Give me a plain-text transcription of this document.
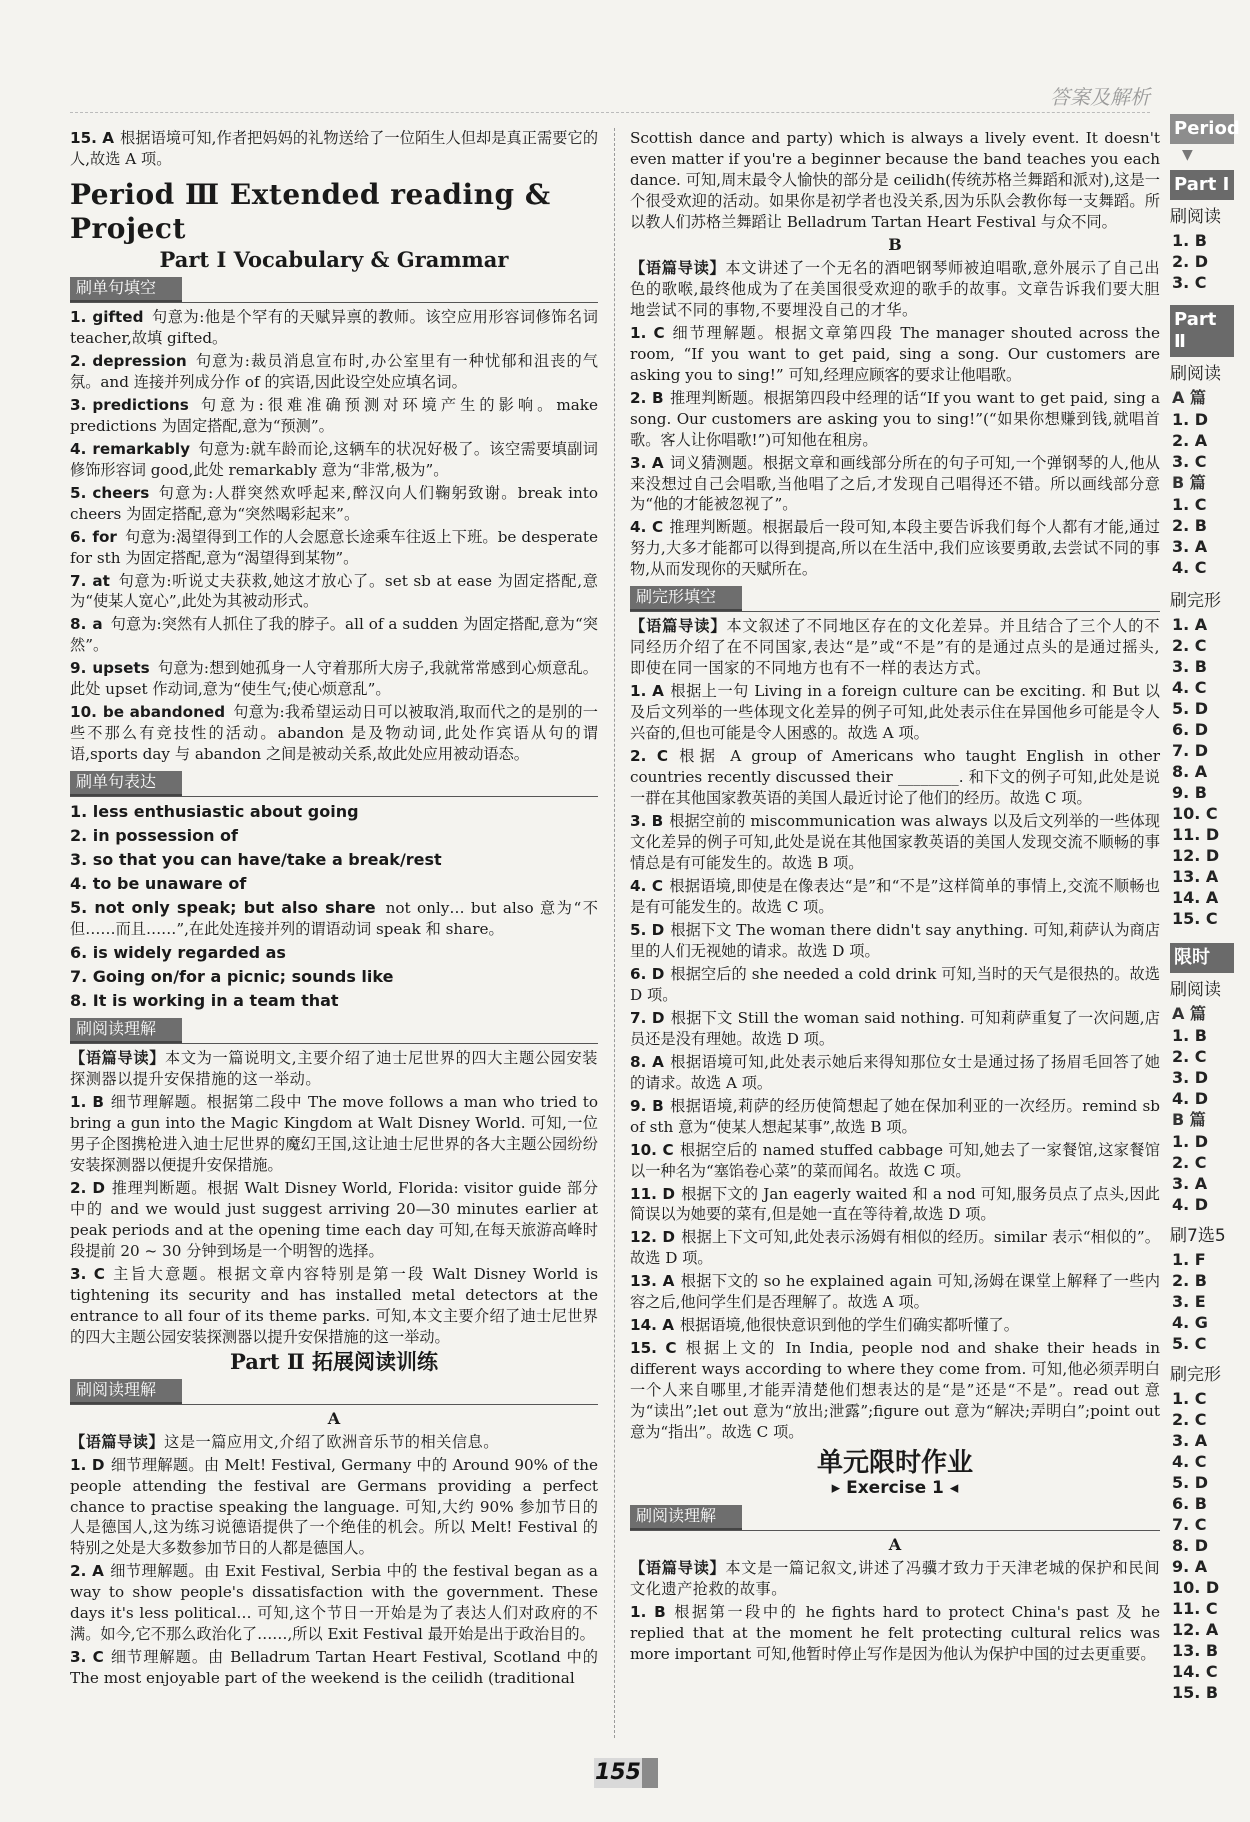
答案及解析

15. A 根据语境可知,作者把妈妈的礼物送给了一位陌生人但却是真正需要它的人,故选 A 项。

Period Ⅲ Extended reading & Project
Part Ⅰ Vocabulary & Grammar
刷单句填空

1. gifted 句意为:他是个罕有的天赋异禀的教师。该空应用形容词修饰名词 teacher,故填 gifted。

2. depression 句意为:裁员消息宣布时,办公室里有一种忧郁和沮丧的气氛。and 连接并列成分作 of 的宾语,因此设空处应填名词。

3. predictions 句意为:很难准确预测对环境产生的影响。make predictions 为固定搭配,意为“预测”。

4. remarkably 句意为:就车龄而论,这辆车的状况好极了。该空需要填副词修饰形容词 good,此处 remarkably 意为“非常,极为”。

5. cheers 句意为:人群突然欢呼起来,醉汉向人们鞠躬致谢。break into cheers 为固定搭配,意为“突然喝彩起来”。

6. for 句意为:渴望得到工作的人会愿意长途乘车往返上下班。be desperate for sth 为固定搭配,意为“渴望得到某物”。

7. at 句意为:听说丈夫获救,她这才放心了。set sb at ease 为固定搭配,意为“使某人宽心”,此处为其被动形式。

8. a 句意为:突然有人抓住了我的脖子。all of a sudden 为固定搭配,意为“突然”。

9. upsets 句意为:想到她孤身一人守着那所大房子,我就常常感到心烦意乱。此处 upset 作动词,意为“使生气;使心烦意乱”。

10. be abandoned 句意为:我希望运动日可以被取消,取而代之的是别的一些不那么有竞技性的活动。abandon 是及物动词,此处作宾语从句的谓语,sports day 与 abandon 之间是被动关系,故此处应用被动语态。

刷单句表达

1. less enthusiastic about going

2. in possession of

3. so that you can have/take a break/rest

4. to be unaware of

5. not only speak; but also share not only… but also 意为“不但……而且……”,在此处连接并列的谓语动词 speak 和 share。

6. is widely regarded as

7. Going on/for a picnic; sounds like

8. It is working in a team that

刷阅读理解

【语篇导读】本文为一篇说明文,主要介绍了迪士尼世界的四大主题公园安装探测器以提升安保措施的这一举动。

1. B 细节理解题。根据第二段中 The move follows a man who tried to bring a gun into the Magic Kingdom at Walt Disney World. 可知,一位男子企图携枪进入迪士尼世界的魔幻王国,这让迪士尼世界的各大主题公园纷纷安装探测器以便提升安保措施。

2. D 推理判断题。根据 Walt Disney World, Florida: visitor guide 部分中的 and we would just suggest arriving 20—30 minutes earlier at peak periods and at the opening time each day 可知,在每天旅游高峰时段提前 20 ~ 30 分钟到场是一个明智的选择。

3. C 主旨大意题。根据文章内容特别是第一段 Walt Disney World is tightening its security and has installed metal detectors at the entrance to all four of its theme parks. 可知,本文主要介绍了迪士尼世界的四大主题公园安装探测器以提升安保措施的这一举动。

Part Ⅱ 拓展阅读训练
刷阅读理解
A

【语篇导读】这是一篇应用文,介绍了欧洲音乐节的相关信息。

1. D 细节理解题。由 Melt! Festival, Germany 中的 Around 90% of the people attending the festival are Germans providing a perfect chance to practise speaking the language. 可知,大约 90% 参加节日的人是德国人,这为练习说德语提供了一个绝佳的机会。所以 Melt! Festival 的特别之处是大多数参加节日的人都是德国人。

2. A 细节理解题。由 Exit Festival, Serbia 中的 the festival began as a way to show people's dissatisfaction with the government. These days it's less political… 可知,这个节日一开始是为了表达人们对政府的不满。如今,它不那么政治化了……,所以 Exit Festival 最开始是出于政治目的。

3. C 细节理解题。由 Belladrum Tartan Heart Festival, Scotland 中的 The most enjoyable part of the weekend is the ceilidh (traditional

Scottish dance and party) which is always a lively event. It doesn't even matter if you're a beginner because the band teaches you each dance. 可知,周末最令人愉快的部分是 ceilidh(传统苏格兰舞蹈和派对),这是一个很受欢迎的活动。如果你是初学者也没关系,因为乐队会教你每一支舞蹈。所以教人们苏格兰舞蹈让 Belladrum Tartan Heart Festival 与众不同。

B

【语篇导读】本文讲述了一个无名的酒吧钢琴师被迫唱歌,意外展示了自己出色的歌喉,最终他成为了在美国很受欢迎的歌手的故事。文章告诉我们要大胆地尝试不同的事物,不要埋没自己的才华。

1. C 细节理解题。根据文章第四段 The manager shouted across the room, “If you want to get paid, sing a song. Our customers are asking you to sing!” 可知,经理应顾客的要求让他唱歌。

2. B 推理判断题。根据第四段中经理的话“If you want to get paid, sing a song. Our customers are asking you to sing!”(“如果你想赚到钱,就唱首歌。客人让你唱歌!”)可知他在租房。

3. A 词义猜测题。根据文章和画线部分所在的句子可知,一个弹钢琴的人,他从来没想过自己会唱歌,当他唱了之后,才发现自己唱得还不错。所以画线部分意为“他的才能被忽视了”。

4. C 推理判断题。根据最后一段可知,本段主要告诉我们每个人都有才能,通过努力,大多才能都可以得到提高,所以在生活中,我们应该要勇敢,去尝试不同的事物,从而发现你的天赋所在。

刷完形填空

【语篇导读】本文叙述了不同地区存在的文化差异。并且结合了三个人的不同经历介绍了在不同国家,表达“是”或“不是”有的是通过点头的是通过摇头,即使在同一国家的不同地方也有不一样的表达方式。

1. A 根据上一句 Living in a foreign culture can be exciting. 和 But 以及后文列举的一些体现文化差异的例子可知,此处表示住在异国他乡可能是令人兴奋的,但也可能是令人困惑的。故选 A 项。

2. C 根据 A group of Americans who taught English in other countries recently discussed their ________. 和下文的例子可知,此处是说一群在其他国家教英语的美国人最近讨论了他们的经历。故选 C 项。

3. B 根据空前的 miscommunication was always 以及后文列举的一些体现文化差异的例子可知,此处是说在其他国家教英语的美国人发现交流不顺畅的事情总是有可能发生的。故选 B 项。

4. C 根据语境,即使是在像表达“是”和“不是”这样简单的事情上,交流不顺畅也是有可能发生的。故选 C 项。

5. D 根据下文 The woman there didn't say anything. 可知,莉萨认为商店里的人们无视她的请求。故选 D 项。

6. D 根据空后的 she needed a cold drink 可知,当时的天气是很热的。故选 D 项。

7. D 根据下文 Still the woman said nothing. 可知莉萨重复了一次问题,店员还是没有理她。故选 D 项。

8. A 根据语境可知,此处表示她后来得知那位女士是通过扬了扬眉毛回答了她的请求。故选 A 项。

9. B 根据语境,莉萨的经历使简想起了她在保加利亚的一次经历。remind sb of sth 意为“使某人想起某事”,故选 B 项。

10. C 根据空后的 named stuffed cabbage 可知,她去了一家餐馆,这家餐馆以一种名为“塞馅卷心菜”的菜而闻名。故选 C 项。

11. D 根据下文的 Jan eagerly waited 和 a nod 可知,服务员点了点头,因此简误以为她要的菜有,但是她一直在等待着,故选 D 项。

12. D 根据上下文可知,此处表示汤姆有相似的经历。similar 表示“相似的”。故选 D 项。

13. A 根据下文的 so he explained again 可知,汤姆在课堂上解释了一些内容之后,他问学生们是否理解了。故选 A 项。

14. A 根据语境,他很快意识到他的学生们确实都听懂了。

15. C 根据上文的 In India, people nod and shake their heads in different ways according to where they come from. 可知,他必须弄明白一个人来自哪里,才能弄清楚他们想表达的是“是”还是“不是”。read out 意为“读出”;let out 意为“放出;泄露”;figure out 意为“解决;弄明白”;point out 意为“指出”。故选 C 项。

单元限时作业
▸ Exercise 1 ◂
刷阅读理解
A

【语篇导读】本文是一篇记叙文,讲述了冯骥才致力于天津老城的保护和民间文化遗产抢救的故事。

1. B 根据第一段中的 he fights hard to protect China's past 及 he replied that at the moment he felt protecting cultural relics was more important 可知,他暂时停止写作是因为他认为保护中国的过去更重要。

Period
▼
Part Ⅰ
刷阅读
1. B
2. D
3. C
Part Ⅱ
刷阅读
A 篇
1. D
2. A
3. C
B 篇
1. C
2. B
3. A
4. C
刷完形
1. A
2. C
3. B
4. C
5. D
6. D
7. D
8. A
9. B
10. C
11. D
12. D
13. A
14. A
15. C
限时
刷阅读
A 篇
1. B
2. C
3. D
4. D
B 篇
1. D
2. C
3. A
4. D
刷7选5
1. F
2. B
3. E
4. G
5. C
刷完形
1. C
2. C
3. A
4. C
5. D
6. B
7. C
8. D
9. A
10. D
11. C
12. A
13. B
14. C
15. B
155
